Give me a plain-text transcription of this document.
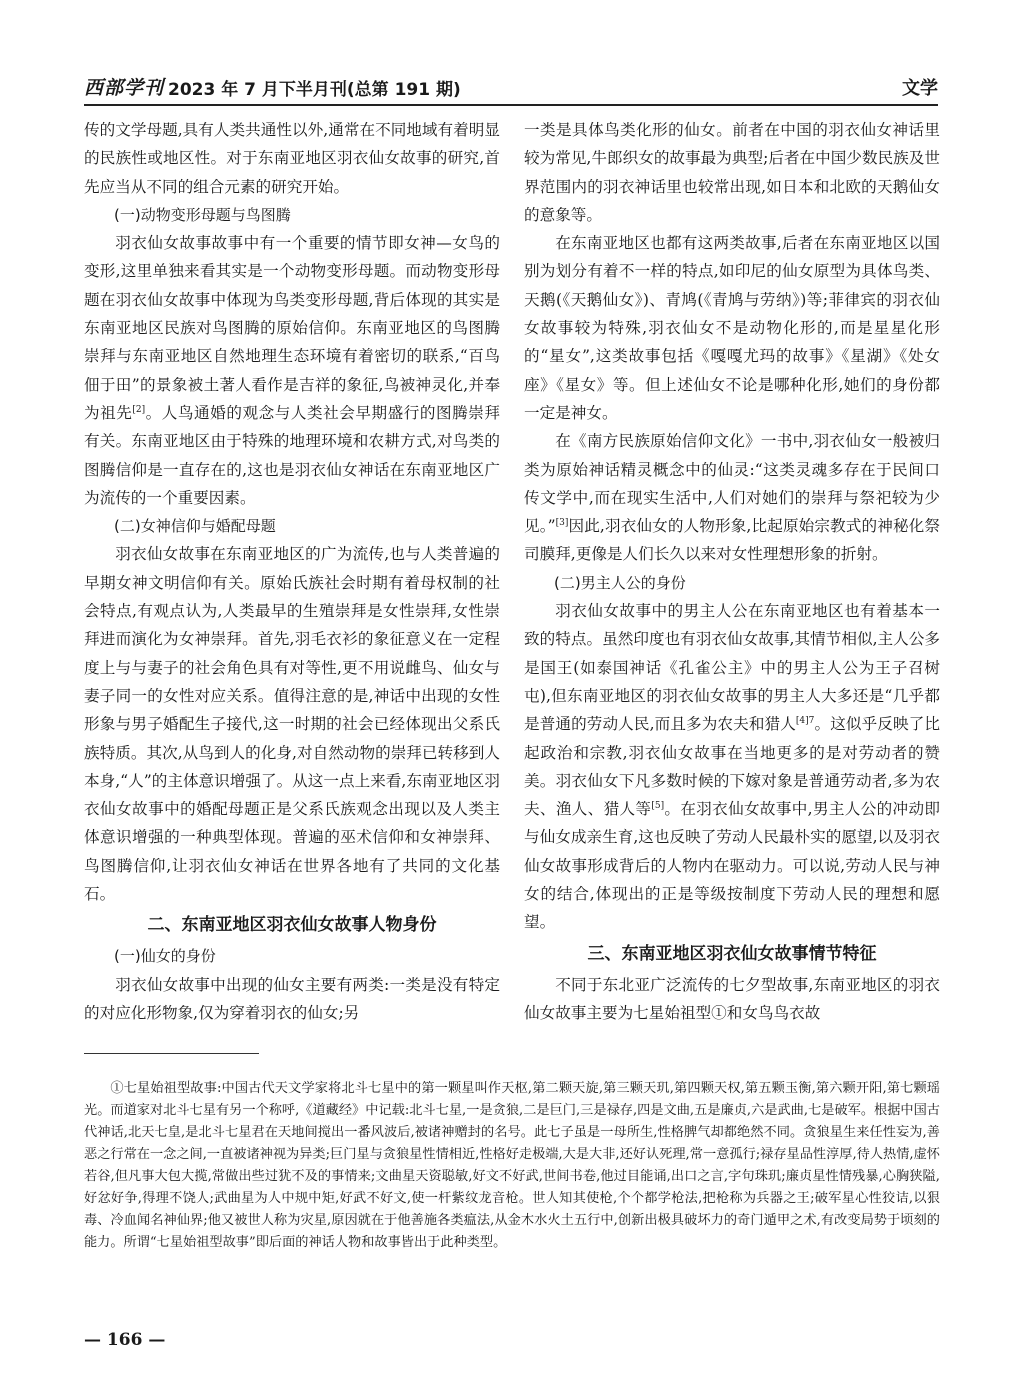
西部学刊 2023 年 7 月下半月刊(总第 191 期)	文学

传的文学母题,具有人类共通性以外,通常在不同地域有着明显的民族性或地区性。对于东南亚地区羽衣仙女故事的研究,首先应当从不同的组合元素的研究开始。

(一)动物变形母题与鸟图腾

羽衣仙女故事故事中有一个重要的情节即女神—女鸟的变形,这里单独来看其实是一个动物变形母题。而动物变形母题在羽衣仙女故事中体现为鸟类变形母题,背后体现的其实是东南亚地区民族对鸟图腾的原始信仰。东南亚地区的鸟图腾崇拜与东南亚地区自然地理生态环境有着密切的联系,“百鸟佃于田”的景象被土著人看作是吉祥的象征,鸟被神灵化,并奉为祖先[2]。人鸟通婚的观念与人类社会早期盛行的图腾崇拜有关。东南亚地区由于特殊的地理环境和农耕方式,对鸟类的图腾信仰是一直存在的,这也是羽衣仙女神话在东南亚地区广为流传的一个重要因素。

(二)女神信仰与婚配母题

羽衣仙女故事在东南亚地区的广为流传,也与人类普遍的早期女神文明信仰有关。原始氏族社会时期有着母权制的社会特点,有观点认为,人类最早的生殖崇拜是女性崇拜,女性崇拜进而演化为女神崇拜。首先,羽毛衣衫的象征意义在一定程度上与与妻子的社会角色具有对等性,更不用说雌鸟、仙女与妻子同一的女性对应关系。值得注意的是,神话中出现的女性形象与男子婚配生子接代,这一时期的社会已经体现出父系氏族特质。其次,从鸟到人的化身,对自然动物的崇拜已转移到人本身,“人”的主体意识增强了。从这一点上来看,东南亚地区羽衣仙女故事中的婚配母题正是父系氏族观念出现以及人类主体意识增强的一种典型体现。普遍的巫术信仰和女神崇拜、鸟图腾信仰,让羽衣仙女神话在世界各地有了共同的文化基石。

二、东南亚地区羽衣仙女故事人物身份
(一)仙女的身份

羽衣仙女故事中出现的仙女主要有两类:一类是没有特定的对应化形物象,仅为穿着羽衣的仙女;另

一类是具体鸟类化形的仙女。前者在中国的羽衣仙女神话里较为常见,牛郎织女的故事最为典型;后者在中国少数民族及世界范围内的羽衣神话里也较常出现,如日本和北欧的天鹅仙女的意象等。

在东南亚地区也都有这两类故事,后者在东南亚地区以国别为划分有着不一样的特点,如印尼的仙女原型为具体鸟类、天鹅(《天鹅仙女》)、青鸠(《青鸠与劳纳》)等;菲律宾的羽衣仙女故事较为特殊,羽衣仙女不是动物化形的,而是星星化形的“星女”,这类故事包括《嘎嘎尤玛的故事》《星湖》《处女座》《星女》等。但上述仙女不论是哪种化形,她们的身份都一定是神女。

在《南方民族原始信仰文化》一书中,羽衣仙女一般被归类为原始神话精灵概念中的仙灵:“这类灵魂多存在于民间口传文学中,而在现实生活中,人们对她们的崇拜与祭祀较为少见。”[3]因此,羽衣仙女的人物形象,比起原始宗教式的神秘化祭司膜拜,更像是人们长久以来对女性理想形象的折射。

(二)男主人公的身份

羽衣仙女故事中的男主人公在东南亚地区也有着基本一致的特点。虽然印度也有羽衣仙女故事,其情节相似,主人公多是国王(如泰国神话《孔雀公主》中的男主人公为王子召树屯),但东南亚地区的羽衣仙女故事的男主人大多还是“几乎都是普通的劳动人民,而且多为农夫和猎人$^{[4]7}$。这似乎反映了比起政治和宗教,羽衣仙女故事在当地更多的是对劳动者的赞美。羽衣仙女下凡多数时候的下嫁对象是普通劳动者,多为农夫、渔人、猎人等[5]。在羽衣仙女故事中,男主人公的冲动即与仙女成亲生育,这也反映了劳动人民最朴实的愿望,以及羽衣仙女故事形成背后的人物内在驱动力。可以说,劳动人民与神女的结合,体现出的正是等级按制度下劳动人民的理想和愿望。

三、东南亚地区羽衣仙女故事情节特征

不同于东北亚广泛流传的七夕型故事,东南亚地区的羽衣仙女故事主要为七星始祖型①和女鸟鸟衣故

①七星始祖型故事:中国古代天文学家将北斗七星中的第一颗星叫作天枢,第二颗天旋,第三颗天玑,第四颗天权,第五颗玉衡,第六颗开阳,第七颗瑶光。而道家对北斗七星有另一个称呼,《道藏经》中记载:北斗七星,一是贪狼,二是巨门,三是禄存,四是文曲,五是廉贞,六是武曲,七是破军。根据中国古代神话,北天七皇,是北斗七星君在天地间搅出一番风波后,被诸神赠封的名号。此七子虽是一母所生,性格脾气却都绝然不同。贪狼星生来任性妄为,善恶之行常在一念之间,一直被诸神视为异类;巨门星与贪狼星性情相近,性格好走极端,大是大非,还好认死理,常一意孤行;禄存星品性淳厚,待人热情,虚怀若谷,但凡事大包大揽,常做出些过犹不及的事情来;文曲星天资聪敏,好文不好武,世间书卷,他过目能诵,出口之言,字句珠玑;廉贞星性情残暴,心胸狭隘,好忿好争,得理不饶人;武曲星为人中规中矩,好武不好文,使一杆紫纹龙音枪。世人知其使枪,个个都学枪法,把枪称为兵器之王;破军星心性狡诘,以狠毒、冷血闻名神仙界;他又被世人称为灾星,原因就在于他善施各类瘟法,从金木水火土五行中,创新出极具破坏力的奇门遁甲之术,有改变局势于顷刻的能力。所谓“七星始祖型故事”即后面的神话人物和故事皆出于此种类型。

— 166 —
